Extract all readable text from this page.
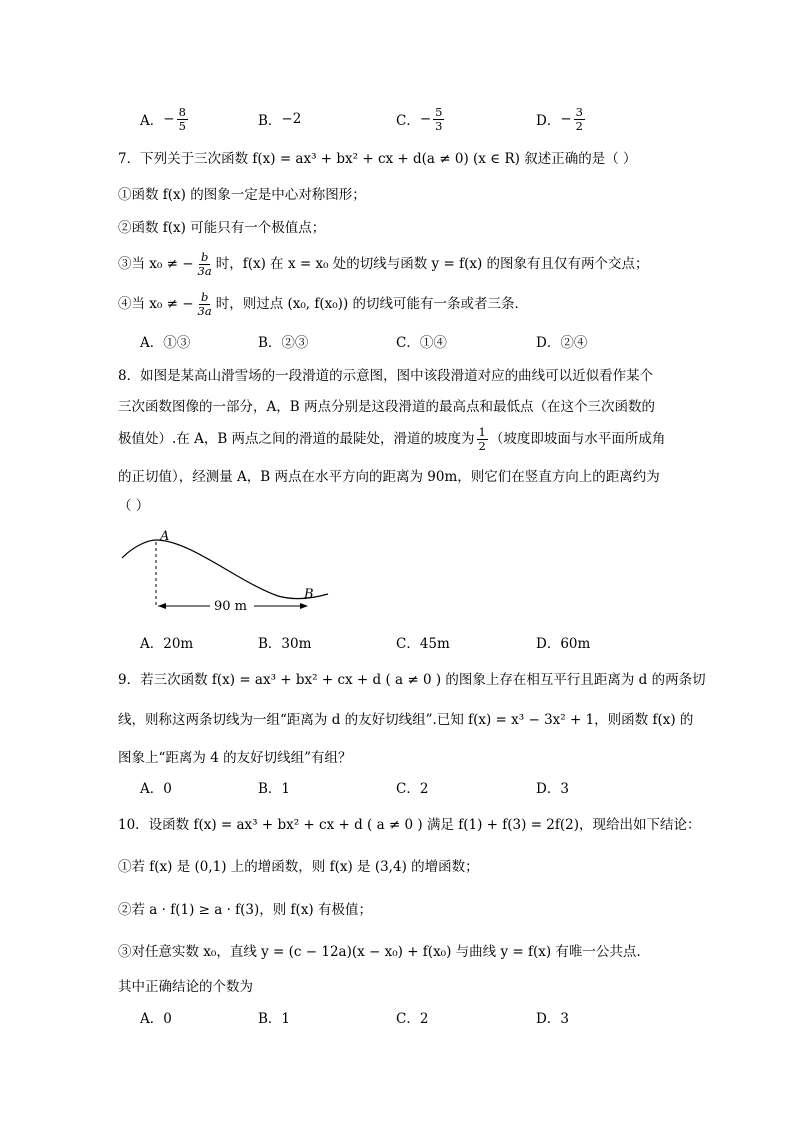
A． − $\frac{8}{5}$	B． −2	C． − $\frac{5}{3}$	D． − $\frac{3}{2}$
7．下列关于三次函数 f(x) = ax³ + bx² + cx + d(a ≠ 0) (x ∈ R) 叙述正确的是（ ）
①函数 f(x) 的图象一定是中心对称图形；
②函数 f(x) 可能只有一个极值点；
③当 x₀ ≠ − $\frac{b}{3a}$ 时，f(x) 在 x = x₀ 处的切线与函数 y = f(x) 的图象有且仅有两个交点；
④当 x₀ ≠ − $\frac{b}{3a}$ 时，则过点 (x₀, f(x₀)) 的切线可能有一条或者三条．
A．①③	B．②③	C．①④	D．②④
8．如图是某高山滑雪场的一段滑道的示意图，图中该段滑道对应的曲线可以近似看作某个
三次函数图像的一部分，A，B 两点分别是这段滑道的最高点和最低点（在这个三次函数的
极值处）.在 A，B 两点之间的滑道的最陡处，滑道的坡度为 $\frac{1}{2}$ （坡度即坡面与水平面所成角
的正切值），经测量 A，B 两点在水平方向的距离为 90m，则它们在竖直方向上的距离约为
（ ）
A
B
90 m
A．20m	B．30m	C．45m	D．60m
9．若三次函数 f(x) = ax³ + bx² + cx + d ( a ≠ 0 ) 的图象上存在相互平行且距离为 d 的两条切
线，则称这两条切线为一组“距离为 d 的友好切线组”.已知 f(x) = x³ − 3x² + 1，则函数 f(x) 的
图象上“距离为 4 的友好切线组”有组？
A．0	B．1	C．2	D．3
10．设函数 f(x) = ax³ + bx² + cx + d ( a ≠ 0 ) 满足 f(1) + f(3) = 2f(2)，现给出如下结论：
①若 f(x) 是 (0,1) 上的增函数，则 f(x) 是 (3,4) 的增函数；
②若 a · f(1) ≥ a · f(3)，则 f(x) 有极值；
③对任意实数 x₀，直线 y = (c − 12a)(x − x₀) + f(x₀) 与曲线 y = f(x) 有唯一公共点.
其中正确结论的个数为
A．0	B．1	C．2	D．3
